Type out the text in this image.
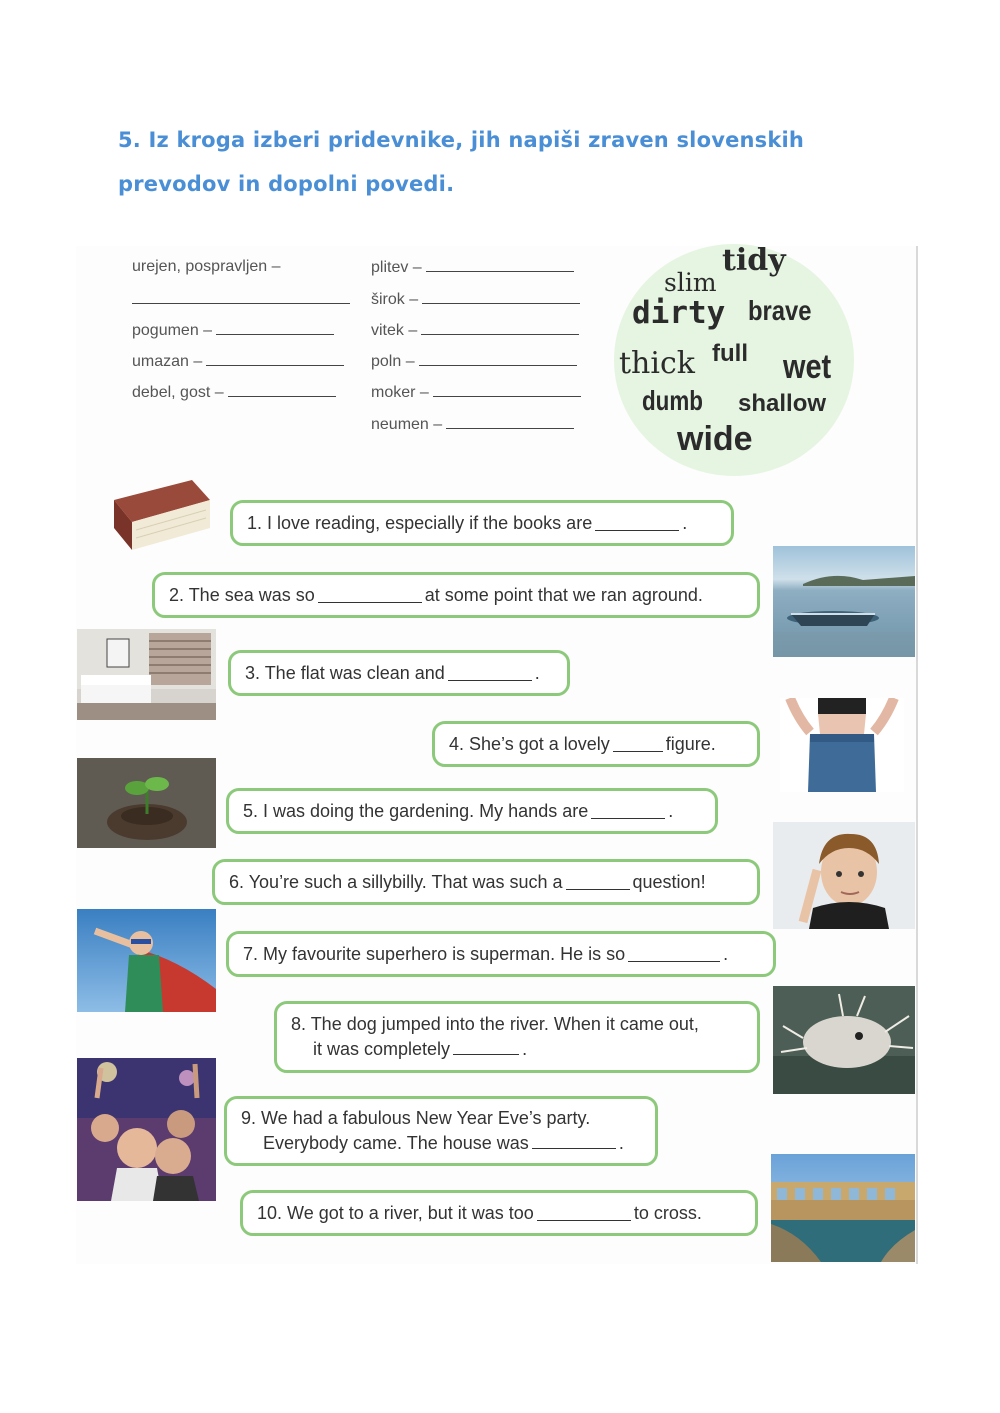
5. Iz kroga izberi pridevnike, jih napiši zraven slovenskih prevodov in dopolni povedi.
urejen, pospravljen –
pogumen –
umazan –
debel, gost –
plitev –
širok –
vitek –
poln –
moker –
neumen –
tidy
slim
dirty brave
thick full wet
dumb shallow
wide
1. I love reading, especially if the books are	.
2. The sea was so	at some point that we ran aground.
3. The flat was clean and	.
4. She’s got a lovely	figure.
5. I was doing the gardening. My hands are	.
6. You’re such a sillybilly. That was such a	question!
7. My favourite superhero is superman. He is so	.
8. The dog jumped into the river. When it came out,
it was completely	.
9. We had a fabulous New Year Eve’s party.
Everybody came. The house was	.
10. We got to a river, but it was too	to cross.
